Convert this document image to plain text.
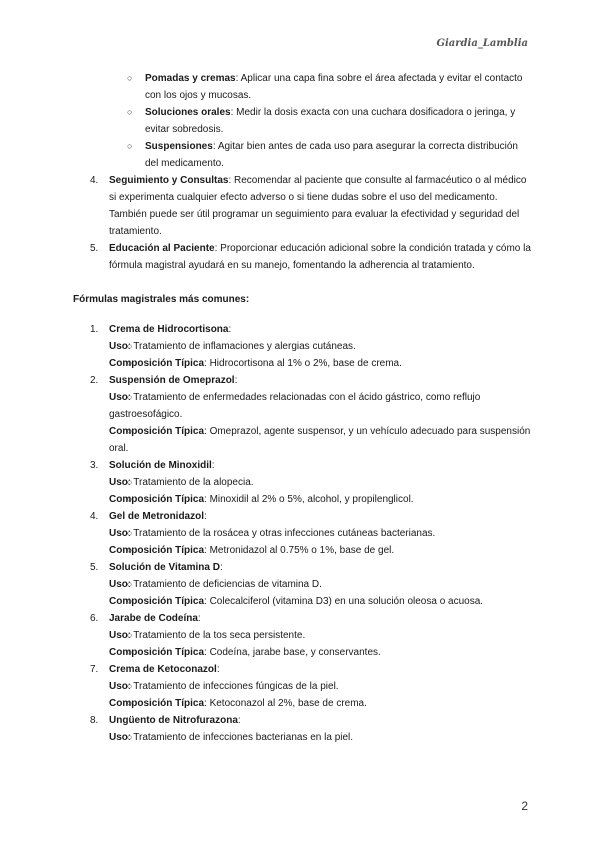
Giardia_Lamblia
○ Pomadas y cremas: Aplicar una capa fina sobre el área afectada y evitar el contacto con los ojos y mucosas.
○ Soluciones orales: Medir la dosis exacta con una cuchara dosificadora o jeringa, y evitar sobredosis.
○ Suspensiones: Agitar bien antes de cada uso para asegurar la correcta distribución del medicamento.
4. Seguimiento y Consultas: Recomendar al paciente que consulte al farmacéutico o al médico si experimenta cualquier efecto adverso o si tiene dudas sobre el uso del medicamento. También puede ser útil programar un seguimiento para evaluar la efectividad y seguridad del tratamiento.
5. Educación al Paciente: Proporcionar educación adicional sobre la condición tratada y cómo la fórmula magistral ayudará en su manejo, fomentando la adherencia al tratamiento.
Fórmulas magistrales más comunes:
1. Crema de Hidrocortisona:
○ Uso: Tratamiento de inflamaciones y alergias cutáneas.
○ Composición Típica: Hidrocortisona al 1% o 2%, base de crema.
2. Suspensión de Omeprazol:
○ Uso: Tratamiento de enfermedades relacionadas con el ácido gástrico, como reflujo gastroesofágico.
○ Composición Típica: Omeprazol, agente suspensor, y un vehículo adecuado para suspensión oral.
3. Solución de Minoxidil:
○ Uso: Tratamiento de la alopecia.
○ Composición Típica: Minoxidil al 2% o 5%, alcohol, y propilenglicol.
4. Gel de Metronidazol:
○ Uso: Tratamiento de la rosácea y otras infecciones cutáneas bacterianas.
○ Composición Típica: Metronidazol al 0.75% o 1%, base de gel.
5. Solución de Vitamina D:
○ Uso: Tratamiento de deficiencias de vitamina D.
○ Composición Típica: Colecalciferol (vitamina D3) en una solución oleosa o acuosa.
6. Jarabe de Codeína:
○ Uso: Tratamiento de la tos seca persistente.
○ Composición Típica: Codeína, jarabe base, y conservantes.
7. Crema de Ketoconazol:
○ Uso: Tratamiento de infecciones fúngicas de la piel.
○ Composición Típica: Ketoconazol al 2%, base de crema.
8. Ungüento de Nitrofurazona:
○ Uso: Tratamiento de infecciones bacterianas en la piel.
2
